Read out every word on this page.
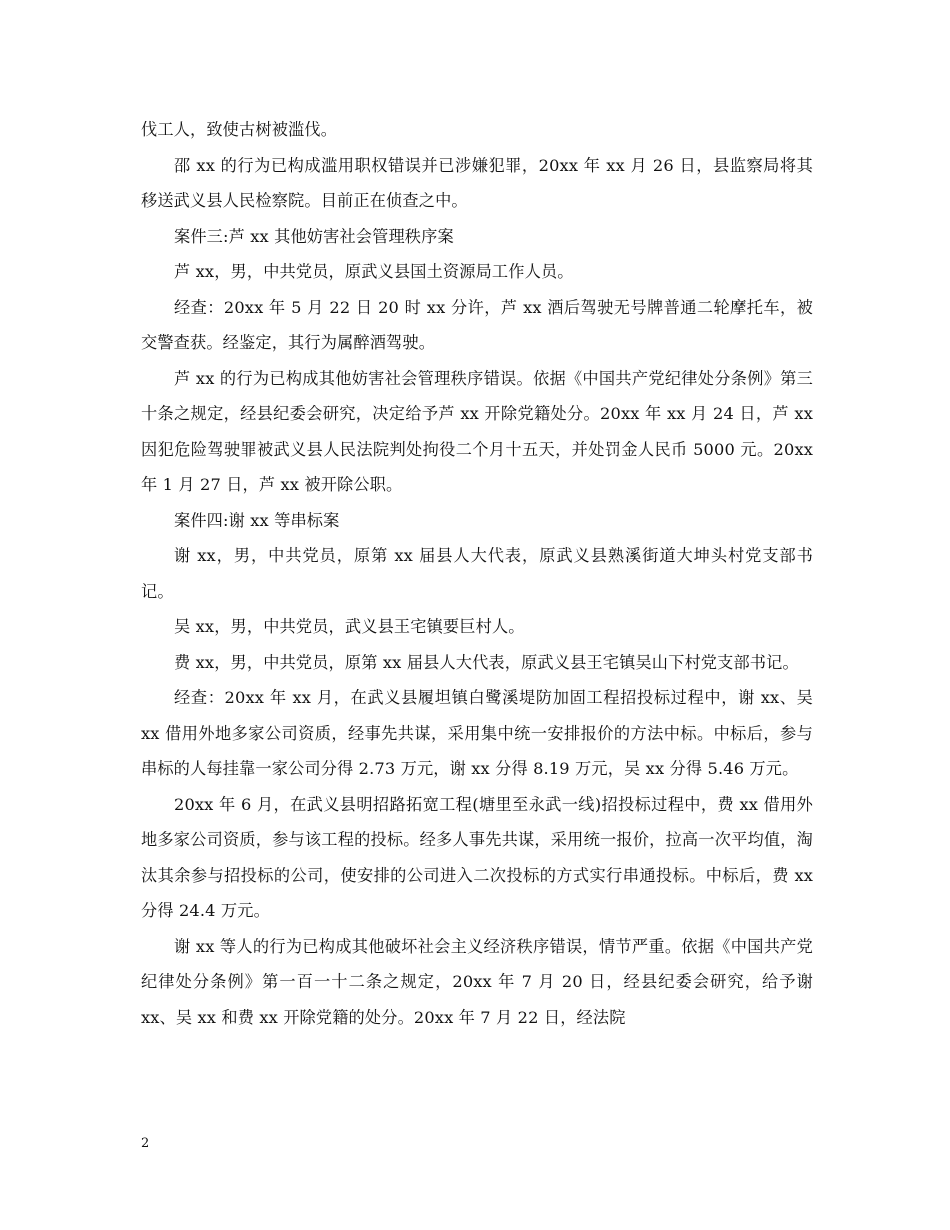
伐工人，致使古树被滥伐。

邵 xx 的行为已构成滥用职权错误并已涉嫌犯罪，20xx 年 xx 月 26 日，县监察局将其移送武义县人民检察院。目前正在侦查之中。

案件三:芦 xx 其他妨害社会管理秩序案

芦 xx，男，中共党员，原武义县国土资源局工作人员。

经查：20xx 年 5 月 22 日 20 时 xx 分许，芦 xx 酒后驾驶无号牌普通二轮摩托车，被交警查获。经鉴定，其行为属醉酒驾驶。

芦 xx 的行为已构成其他妨害社会管理秩序错误。依据《中国共产党纪律处分条例》第三十条之规定，经县纪委会研究，决定给予芦 xx 开除党籍处分。20xx 年 xx 月 24 日，芦 xx 因犯危险驾驶罪被武义县人民法院判处拘役二个月十五天，并处罚金人民币 5000 元。20xx 年 1 月 27 日，芦 xx 被开除公职。

案件四:谢 xx 等串标案

谢 xx，男，中共党员，原第 xx 届县人大代表，原武义县熟溪街道大坤头村党支部书记。

吴 xx，男，中共党员，武义县王宅镇要巨村人。

费 xx，男，中共党员，原第 xx 届县人大代表，原武义县王宅镇吴山下村党支部书记。

经查：20xx 年 xx 月，在武义县履坦镇白鹭溪堤防加固工程招投标过程中，谢 xx、吴 xx 借用外地多家公司资质，经事先共谋，采用集中统一安排报价的方法中标。中标后，参与串标的人每挂靠一家公司分得 2.73 万元，谢 xx 分得 8.19 万元，吴 xx 分得 5.46 万元。

20xx 年 6 月，在武义县明招路拓宽工程(塘里至永武一线)招投标过程中，费 xx 借用外地多家公司资质，参与该工程的投标。经多人事先共谋，采用统一报价，拉高一次平均值，淘汰其余参与招投标的公司，使安排的公司进入二次投标的方式实行串通投标。中标后，费 xx 分得 24.4 万元。

谢 xx 等人的行为已构成其他破坏社会主义经济秩序错误，情节严重。依据《中国共产党纪律处分条例》第一百一十二条之规定，20xx 年 7 月 20 日，经县纪委会研究，给予谢 xx、吴 xx 和费 xx 开除党籍的处分。20xx 年 7 月 22 日，经法院

2
